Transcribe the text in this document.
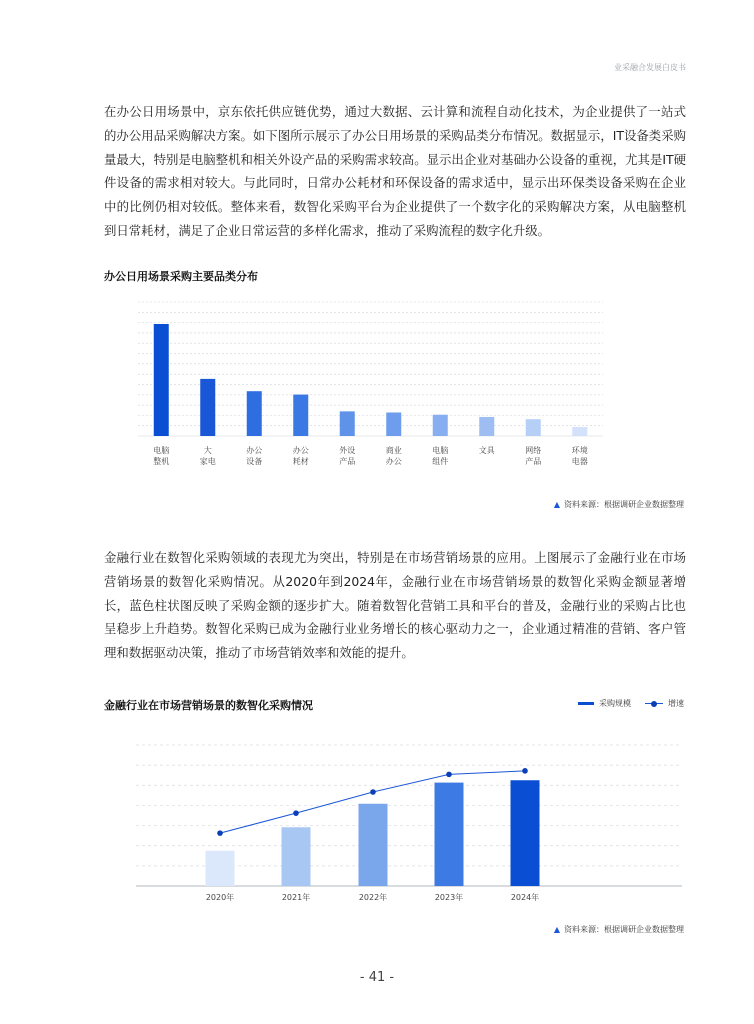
业采融合发展白皮书

在办公日用场景中，京东依托供应链优势，通过大数据、云计算和流程自动化技术，为企业提供了一站式的办公用品采购解决方案。如下图所示展示了办公日用场景的采购品类分布情况。数据显示，IT设备类采购量最大，特别是电脑整机和相关外设产品的采购需求较高。显示出企业对基础办公设备的重视，尤其是IT硬件设备的需求相对较大。与此同时，日常办公耗材和环保设备的需求适中，显示出环保类设备采购在企业中的比例仍相对较低。整体来看，数智化采购平台为企业提供了一个数字化的采购解决方案，从电脑整机到日常耗材，满足了企业日常运营的多样化需求，推动了采购流程的数字化升级。

办公日用场景采购主要品类分布
电脑
整机
大
家电
办公
设备
办公
耗材
外设
产品
商业
办公
电脑
组件
文具	网络
产品
环境
电器
▲ 资料来源：根据调研企业数据整理

金融行业在数智化采购领域的表现尤为突出，特别是在市场营销场景的应用。上图展示了金融行业在市场营销场景的数智化采购情况。从2020年到2024年，金融行业在市场营销场景的数智化采购金额显著增长，蓝色柱状图反映了采购金额的逐步扩大。随着数智化营销工具和平台的普及，金融行业的采购占比也呈稳步上升趋势。数智化采购已成为金融行业业务增长的核心驱动力之一，企业通过精准的营销、客户管理和数据驱动决策，推动了市场营销效率和效能的提升。

金融行业在市场营销场景的数智化采购情况	采购规模	增速
2020年	2021年	2022年	2023年	2024年
▲ 资料来源：根据调研企业数据整理
- 41 -
